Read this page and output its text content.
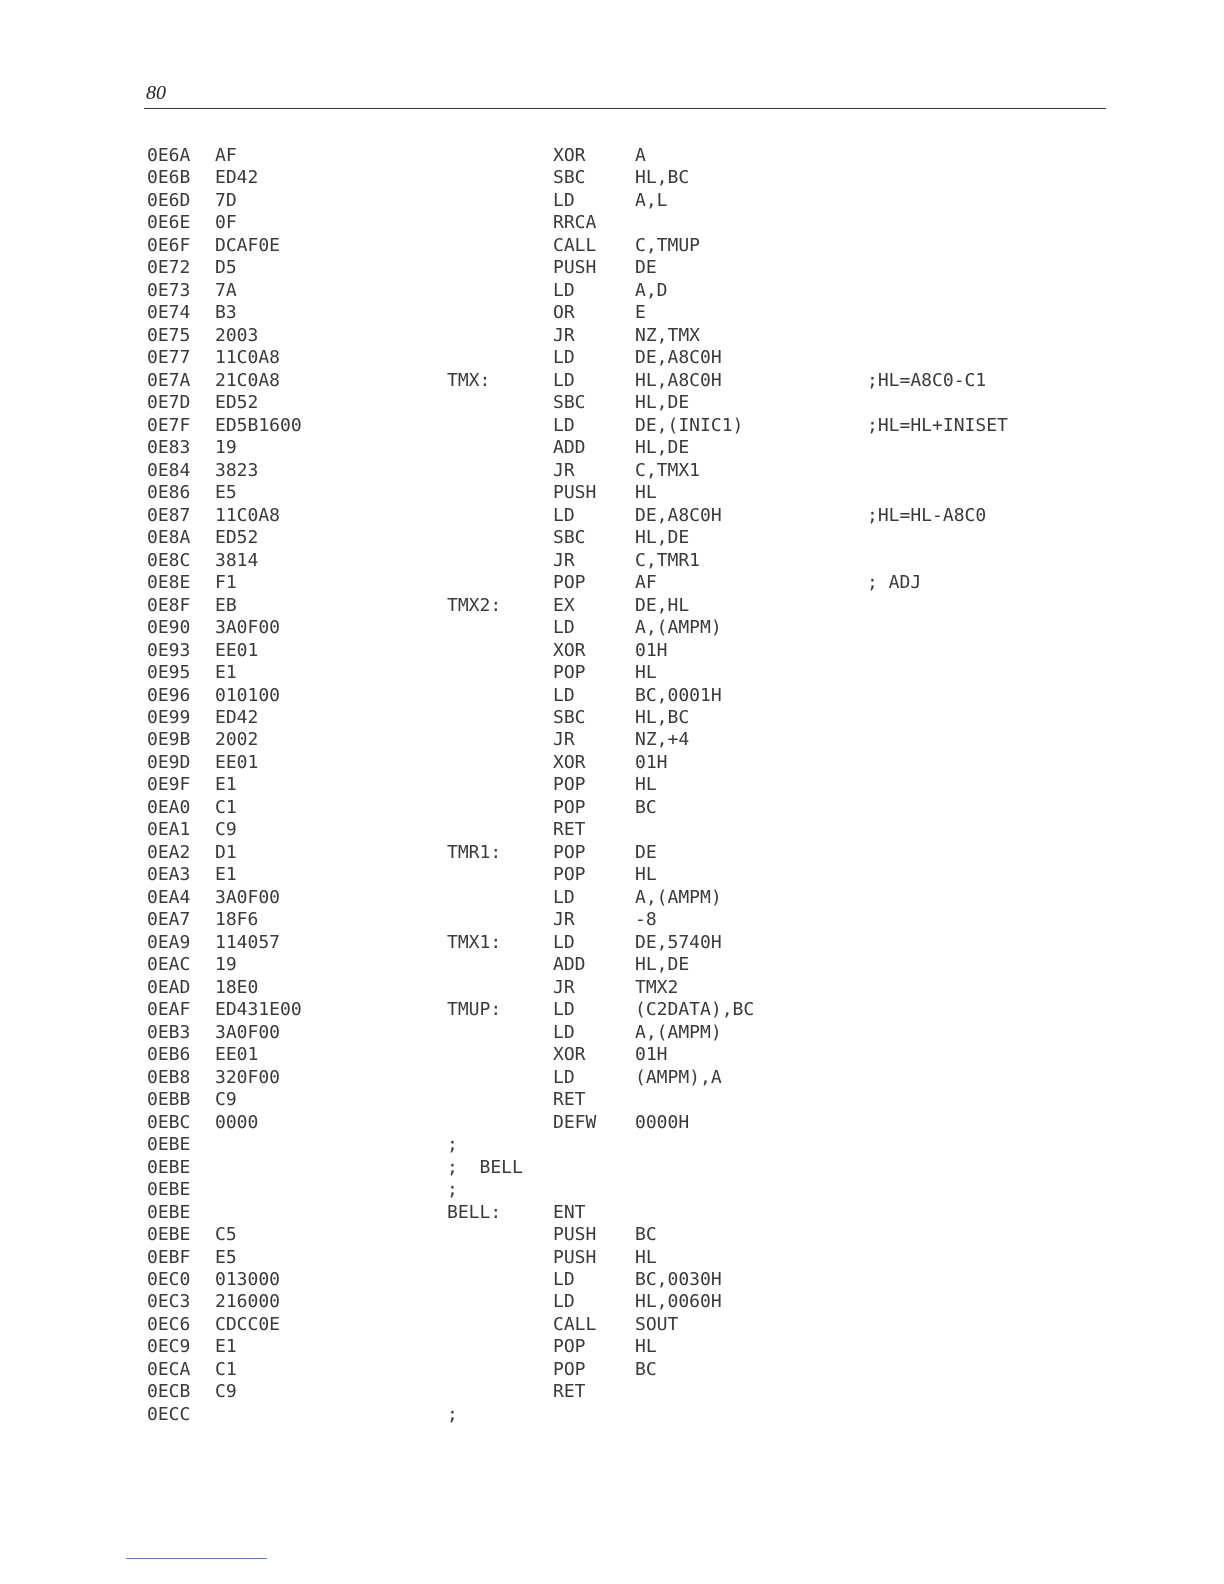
80
0E6A AF	XOR	A
0E6B ED42	SBC	HL,BC
0E6D 7D	LD	A,L
0E6E 0F	RRCA
0E6F DCAF0E	CALL C,TMUP
0E72 D5	PUSH DE
0E73 7A	LD	A,D
0E74 B3	OR	E
0E75 2003	JR	NZ,TMX
0E77 11C0A8	LD	DE,A8C0H
0E7A 21C0A8	TMX:	LD	HL,A8C0H	;HL=A8C0-C1
0E7D ED52	SBC	HL,DE
0E7F ED5B1600	LD	DE,(INIC1)	;HL=HL+INISET
0E83 19	ADD	HL,DE
0E84 3823	JR	C,TMX1
0E86 E5	PUSH HL
0E87 11C0A8	LD	DE,A8C0H	;HL=HL-A8C0
0E8A ED52	SBC	HL,DE
0E8C 3814	JR	C,TMR1
0E8E F1	POP	AF	; ADJ
0E8F EB	TMX2:	EX	DE,HL
0E90 3A0F00	LD	A,(AMPM)
0E93 EE01	XOR	01H
0E95 E1	POP	HL
0E96 010100	LD	BC,0001H
0E99 ED42	SBC	HL,BC
0E9B 2002	JR	NZ,+4
0E9D EE01	XOR	01H
0E9F E1	POP	HL
0EA0 C1	POP	BC
0EA1 C9	RET
0EA2 D1	TMR1:	POP	DE
0EA3 E1	POP	HL
0EA4 3A0F00	LD	A,(AMPM)
0EA7 18F6	JR	-8
0EA9 114057	TMX1:	LD	DE,5740H
0EAC 19	ADD	HL,DE
0EAD 18E0	JR	TMX2
0EAF ED431E00	TMUP:	LD	(C2DATA),BC
0EB3 3A0F00	LD	A,(AMPM)
0EB6 EE01	XOR	01H
0EB8 320F00	LD	(AMPM),A
0EBB C9	RET
0EBC 0000	DEFW 0000H
0EBE	;
0EBE	;  BELL
0EBE	;
0EBE	BELL:	ENT
0EBE C5	PUSH BC
0EBF E5	PUSH HL
0EC0 013000	LD	BC,0030H
0EC3 216000	LD	HL,0060H
0EC6 CDCC0E	CALL SOUT
0EC9 E1	POP	HL
0ECA C1	POP	BC
0ECB C9	RET
0ECC	;
